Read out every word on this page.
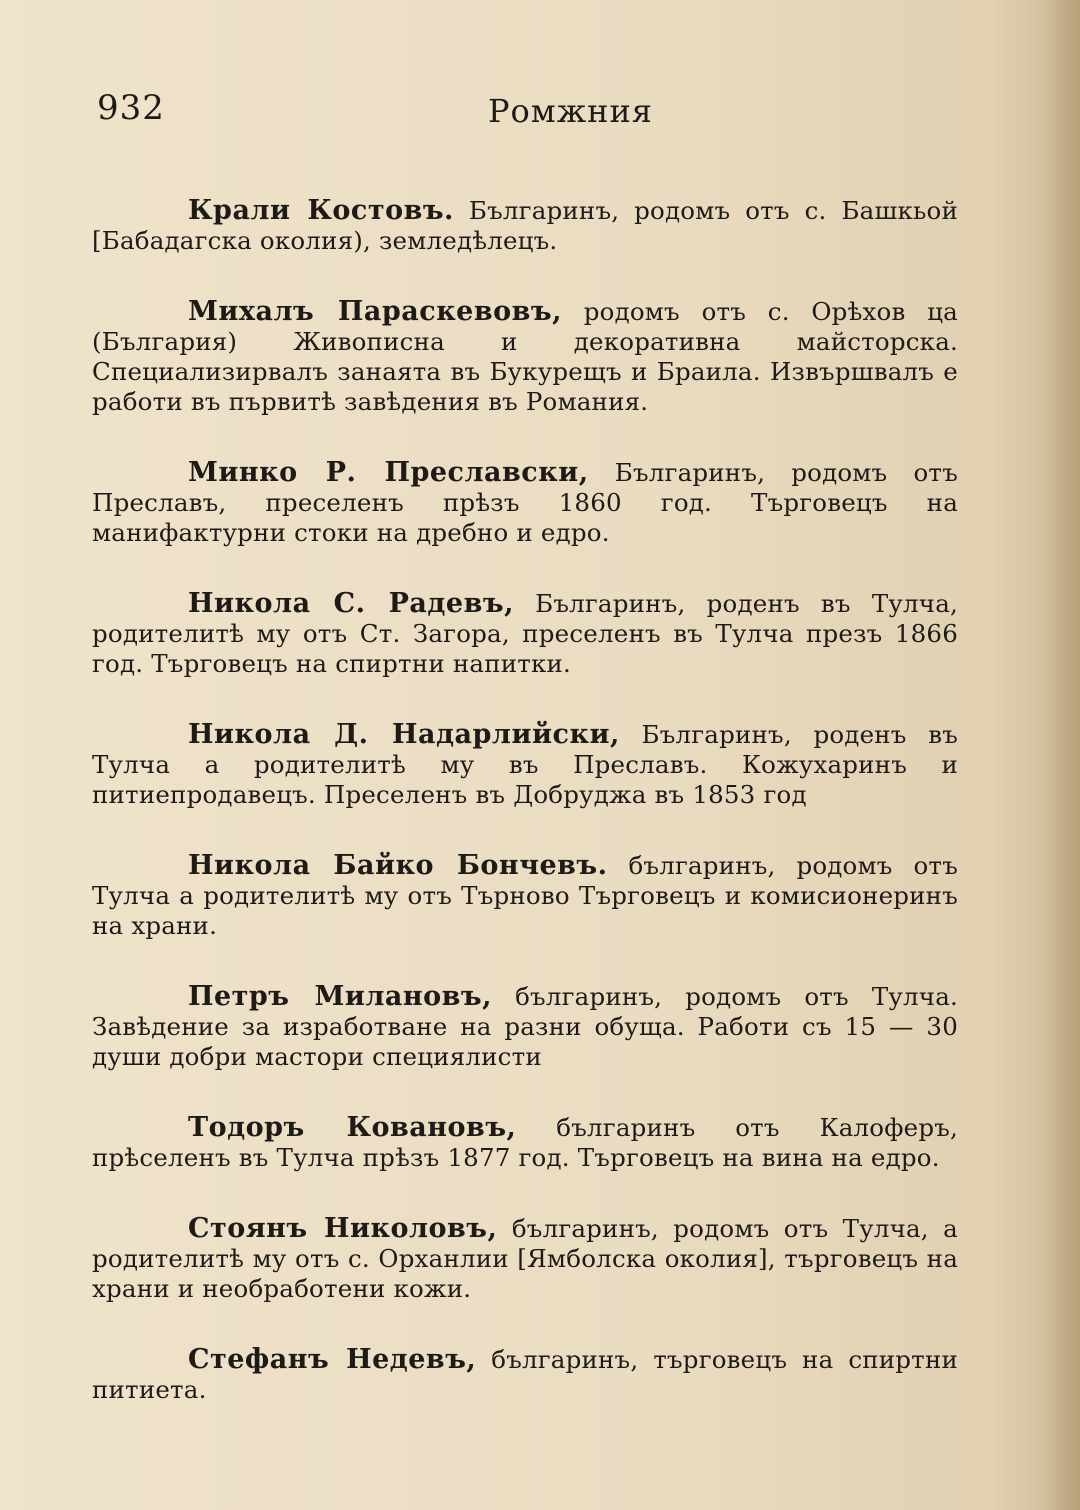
932	Ромжния

Крали Костовъ. Българинъ, родомъ отъ с. Башкьой [Бабадагска околия), земледѣлецъ.

Михалъ Параскевовъ, родомъ отъ с. Орѣхов ца (България) Живописна и декоративна майсторска. Специализирвалъ занаята въ Букурещъ и Браила. Извършвалъ е работи въ първитѣ завѣдения въ Романия.

Минко Р. Преславски, Българинъ, родомъ отъ Преславъ, преселенъ прѣзъ 1860 год. Търговецъ на манифактурни стоки на дребно и едро.

Никола С. Радевъ, Българинъ, роденъ въ Тулча, родителитѣ му отъ Ст. Загора, преселенъ въ Тулча презъ 1866 год. Търговецъ на спиртни напитки.

Никола Д. Надарлийски, Българинъ, роденъ въ Тулча а родителитѣ му въ Преславъ. Кожухаринъ и питиепродавецъ. Преселенъ въ Добруджа въ 1853 год

Никола Байко Бончевъ. българинъ, родомъ отъ Тулча а родителитѣ му отъ Търново Търговецъ и комисионеринъ на храни.

Петръ Милановъ, българинъ, родомъ отъ Тулча. Завѣдение за изработване на разни обуща. Работи съ 15 — 30 души добри мастори специялисти

Тодоръ Ковановъ, българинъ отъ Калоферъ, прѣселенъ въ Тулча прѣзъ 1877 год. Търговецъ на вина на едро.

Стоянъ Николовъ, българинъ, родомъ отъ Тулча, а родителитѣ му отъ с. Орханлии [Ямболска околия], търговецъ на храни и необработени кожи.

Стефанъ Недевъ, българинъ, търговецъ на спиртни питиета.
